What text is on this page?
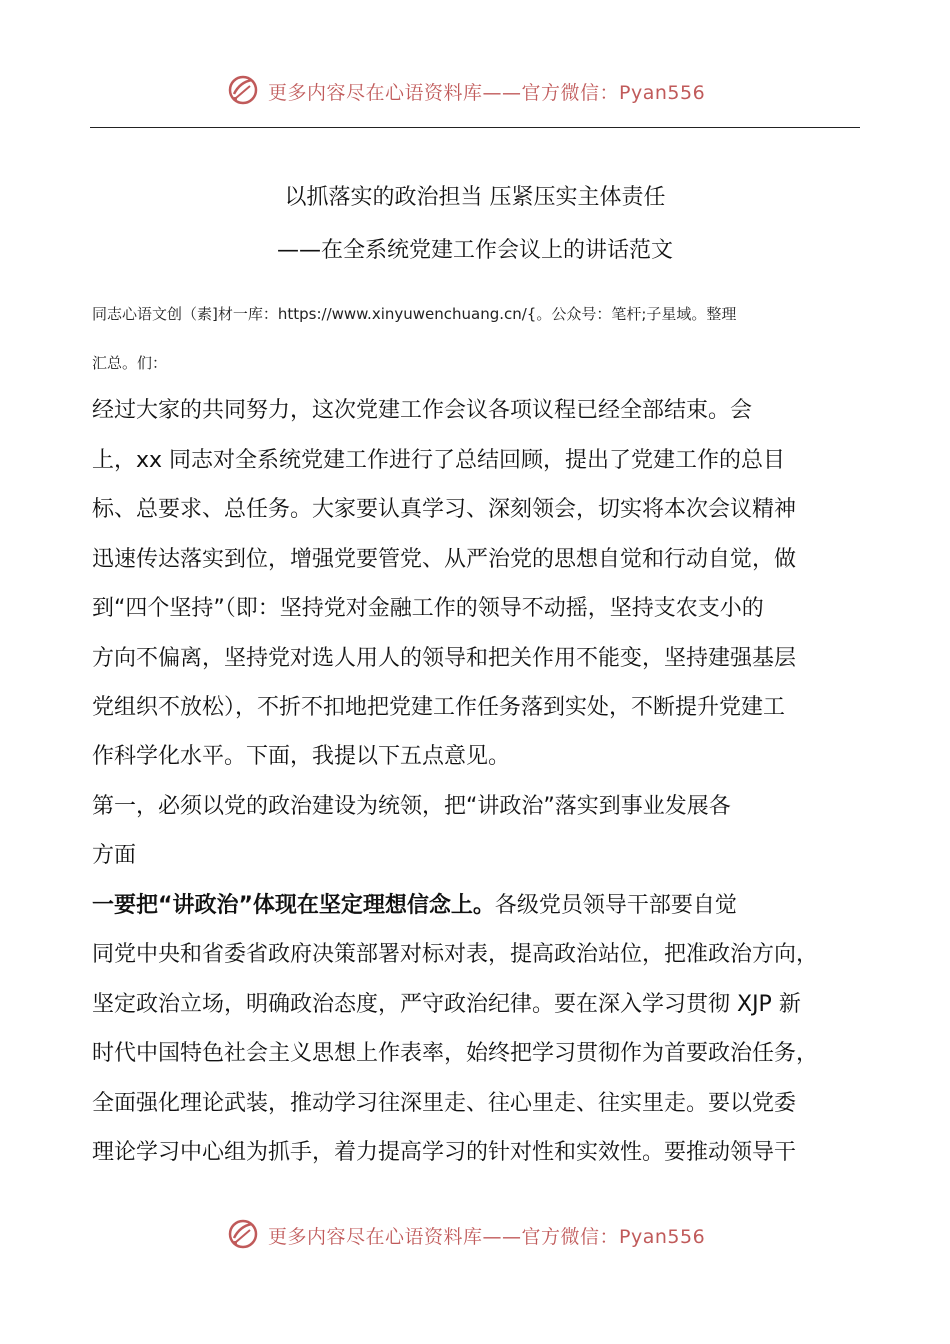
更多内容尽在心语资料库——官方微信：Pyan556
以抓落实的政治担当 压紧压实主体责任
——在全系统党建工作会议上的讲话范文
同志心语文创（素]材一库：https://www.xinyuwenchuang.cn/{。公众号：笔杆;子星域。整理
汇总。们：
经过大家的共同努力，这次党建工作会议各项议程已经全部结束。会
上，xx 同志对全系统党建工作进行了总结回顾，提出了党建工作的总目
标、总要求、总任务。大家要认真学习、深刻领会，切实将本次会议精神
迅速传达落实到位，增强党要管党、从严治党的思想自觉和行动自觉，做
到“四个坚持”（即：坚持党对金融工作的领导不动摇，坚持支农支小的
方向不偏离，坚持党对选人用人的领导和把关作用不能变，坚持建强基层
党组织不放松），不折不扣地把党建工作任务落到实处，不断提升党建工
作科学化水平。下面，我提以下五点意见。
第一，必须以党的政治建设为统领，把“讲政治”落实到事业发展各
方面
一要把“讲政治”体现在坚定理想信念上。各级党员领导干部要自觉
同党中央和省委省政府决策部署对标对表，提高政治站位，把准政治方向，
坚定政治立场，明确政治态度，严守政治纪律。要在深入学习贯彻 XJP 新
时代中国特色社会主义思想上作表率，始终把学习贯彻作为首要政治任务，
全面强化理论武装，推动学习往深里走、往心里走、往实里走。要以党委
理论学习中心组为抓手，着力提高学习的针对性和实效性。要推动领导干
更多内容尽在心语资料库——官方微信：Pyan556
